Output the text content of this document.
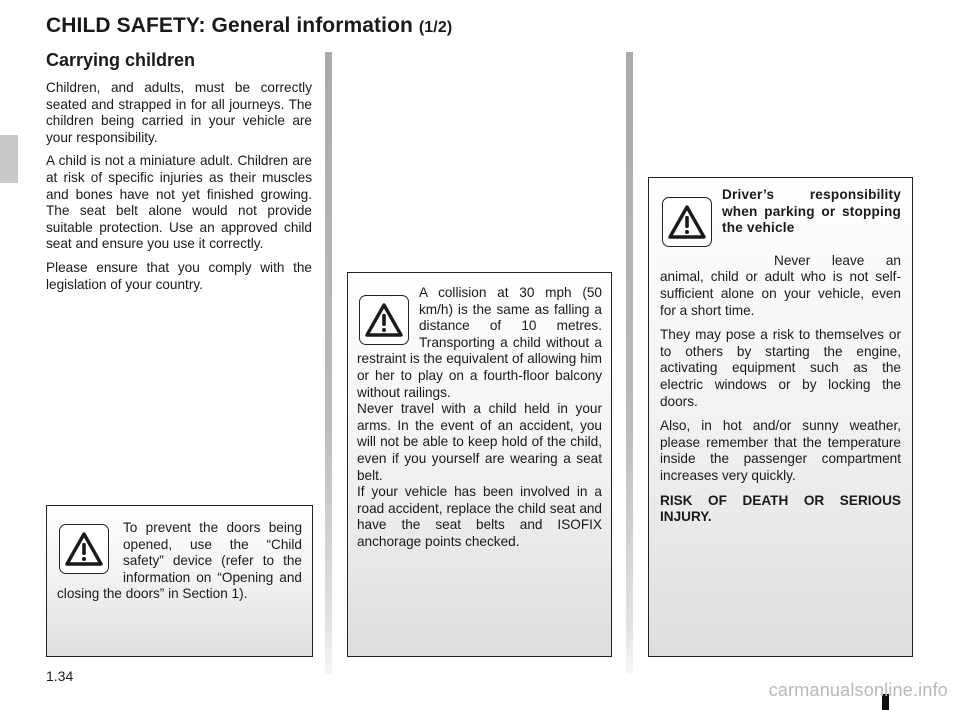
CHILD SAFETY: General information (1/2)
Carrying children

Children, and adults, must be correctly seated and strapped in for all journeys. The children being carried in your vehicle are your responsibility.

A child is not a miniature adult. Children are at risk of specific injuries as their muscles and bones have not yet finished growing. The seat belt alone would not provide suitable protection. Use an approved child seat and ensure you use it correctly.

Please ensure that you comply with the legislation of your country.

To prevent the doors being opened, use the “Child safety” device (refer to the information on “Opening and closing the doors” in Section 1).

A collision at 30 mph (50 km/h) is the same as falling a distance of 10 metres. Transporting a child without a restraint is the equivalent of allowing him or her to play on a fourth-floor balcony without railings.

Never travel with a child held in your arms. In the event of an accident, you will not be able to keep hold of the child, even if you yourself are wearing a seat belt.

If your vehicle has been involved in a road accident, replace the child seat and have the seat belts and ISOFIX anchorage points checked.

Driver’s responsibility when parking or stopping the vehicle

Never leave an animal, child or adult who is not self-sufficient alone on your vehicle, even for a short time.

They may pose a risk to themselves or to others by starting the engine, activating equipment such as the electric windows or by locking the doors.

Also, in hot and/or sunny weather, please remember that the temperature inside the passenger compartment increases very quickly.

RISK OF DEATH OR SERIOUS INJURY.

1.34
carmanualsonline.info
